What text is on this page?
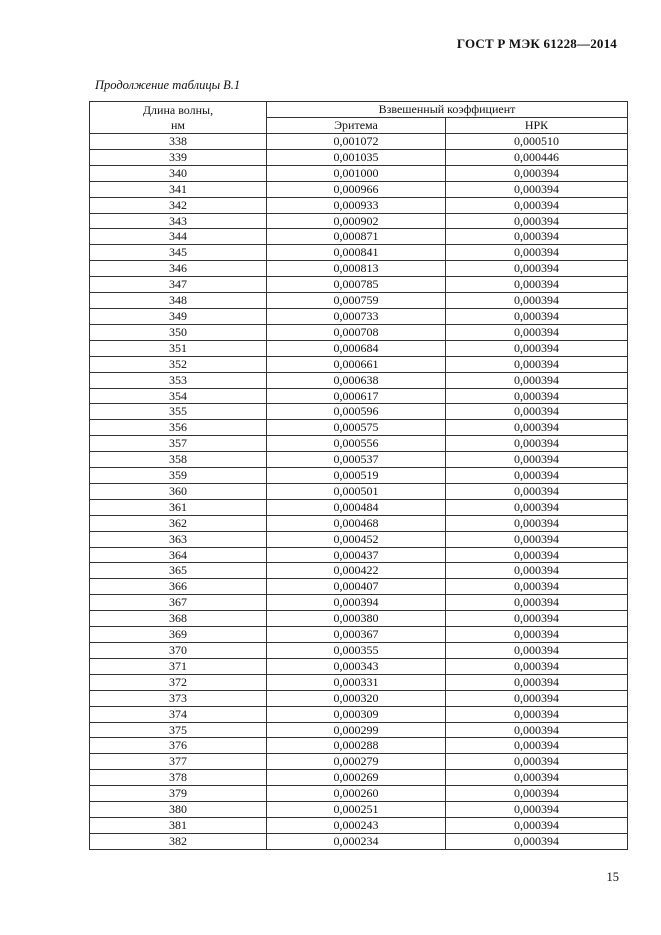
ГОСТ Р МЭК 61228—2014
Продолжение таблицы В.1
Длина волны,
нм	Взвешенный коэффициент	
	Эритема	НРК
338	0,001072	0,000510
339	0,001035	0,000446
340	0,001000	0,000394
341	0,000966	0,000394
342	0,000933	0,000394
343	0,000902	0,000394
344	0,000871	0,000394
345	0,000841	0,000394
346	0,000813	0,000394
347	0,000785	0,000394
348	0,000759	0,000394
349	0,000733	0,000394
350	0,000708	0,000394
351	0,000684	0,000394
352	0,000661	0,000394
353	0,000638	0,000394
354	0,000617	0,000394
355	0,000596	0,000394
356	0,000575	0,000394
357	0,000556	0,000394
358	0,000537	0,000394
359	0,000519	0,000394
360	0,000501	0,000394
361	0,000484	0,000394
362	0,000468	0,000394
363	0,000452	0,000394
364	0,000437	0,000394
365	0,000422	0,000394
366	0,000407	0,000394
367	0,000394	0,000394
368	0,000380	0,000394
369	0,000367	0,000394
370	0,000355	0,000394
371	0,000343	0,000394
372	0,000331	0,000394
373	0,000320	0,000394
374	0,000309	0,000394
375	0,000299	0,000394
376	0,000288	0,000394
377	0,000279	0,000394
378	0,000269	0,000394
379	0,000260	0,000394
380	0,000251	0,000394
381	0,000243	0,000394
382	0,000234	0,000394
15
